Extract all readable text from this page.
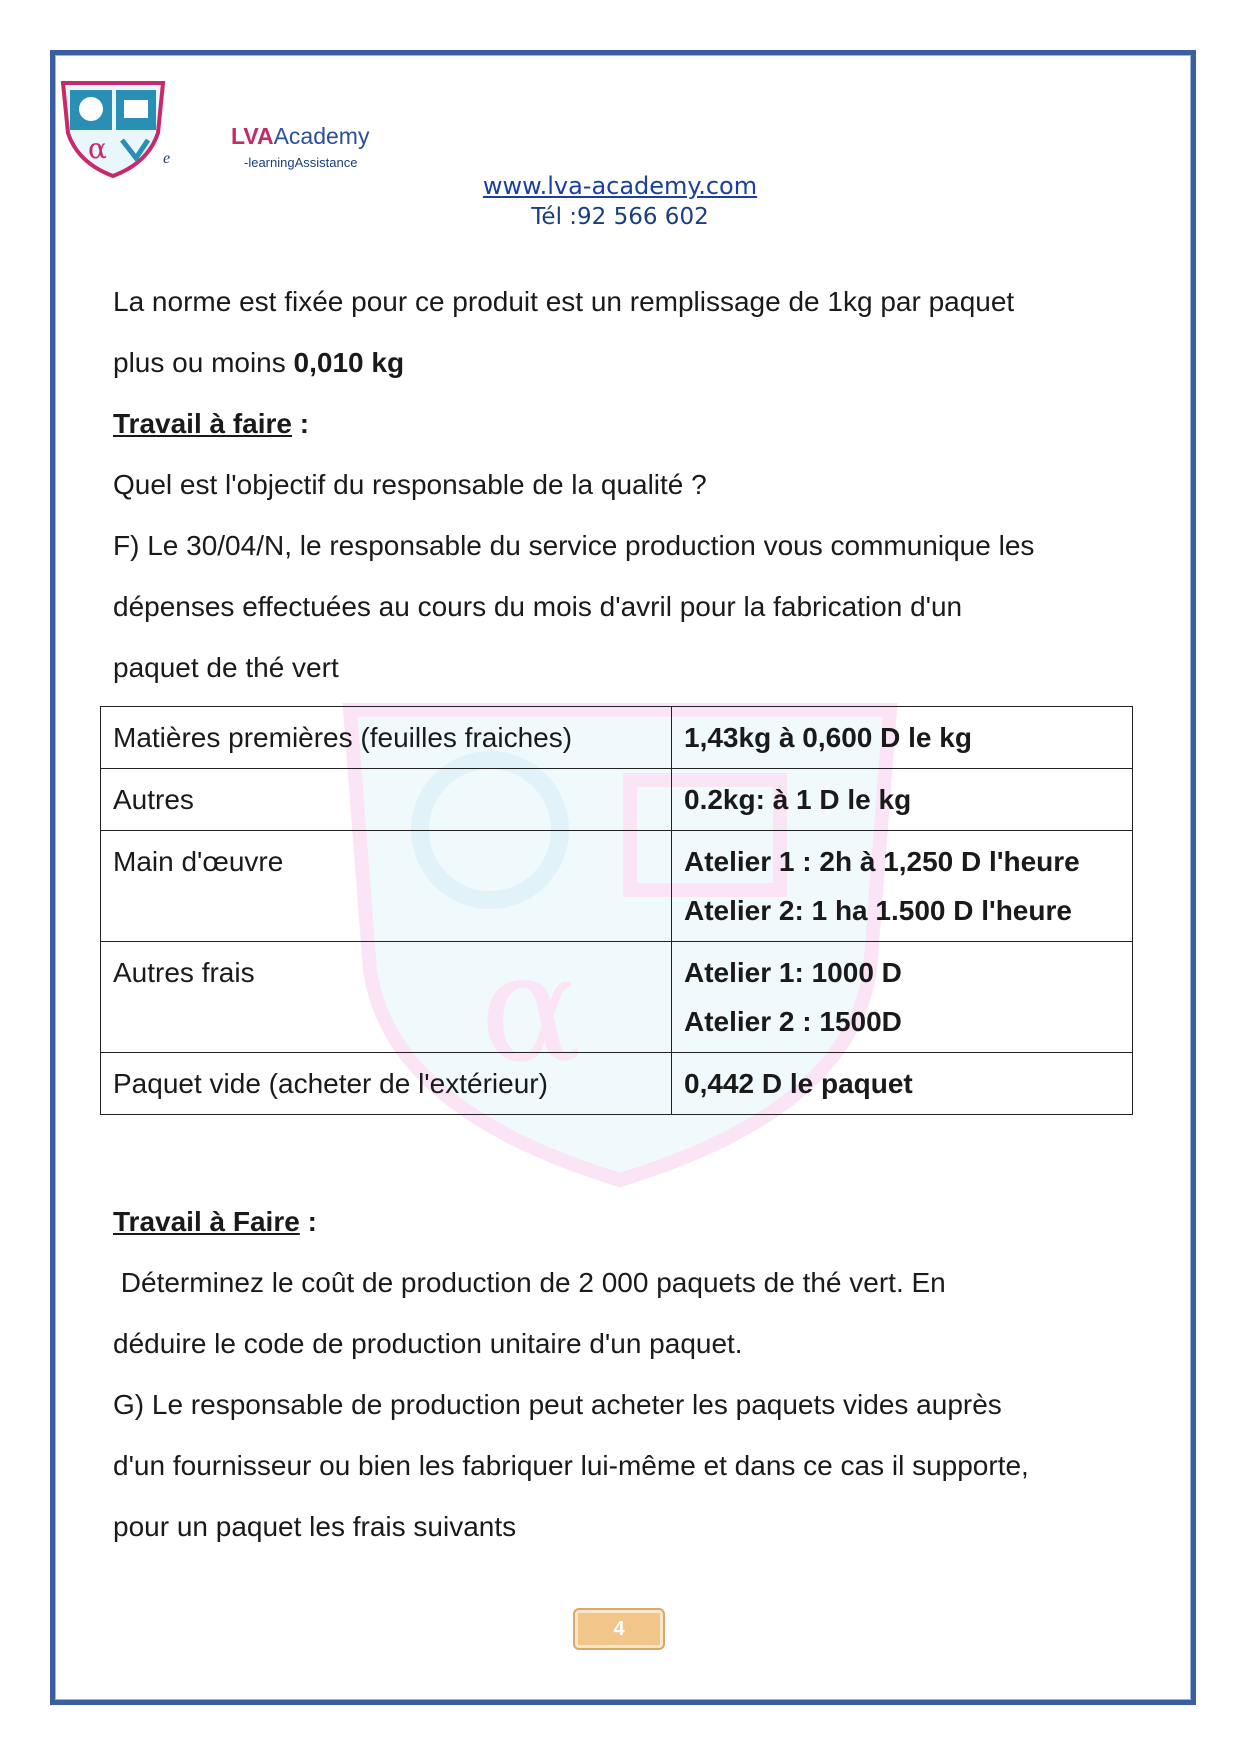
α
α	e
LVAAcademy
-learningAssistance
www.lva-academy.com
Tél :92 566 602
La norme est fixée pour ce produit est un remplissage de 1kg par paquet
plus ou moins 0,010 kg
Travail à faire :
Quel est l'objectif du responsable de la qualité ?
F) Le 30/04/N, le responsable du service production vous communique les
dépenses effectuées au cours du mois d'avril pour la fabrication d'un
paquet de thé vert
Matières premières (feuilles fraiches)	1,43kg à 0,600 D le kg

Autres	0.2kg: à 1 D le kg

Main d'œuvre	Atelier 1 : 2h à 1,250 D l'heure
Atelier 2: 1 ha 1.500 D l'heure

Autres frais	Atelier 1: 1000 D
Atelier 2 : 1500D

Paquet vide (acheter de l'extérieur)	0,442 D le paquet
Travail à Faire :
Déterminez le coût de production de 2 000 paquets de thé vert. En
déduire le code de production unitaire d'un paquet.
G) Le responsable de production peut acheter les paquets vides auprès
d'un fournisseur ou bien les fabriquer lui-même et dans ce cas il supporte,
pour un paquet les frais suivants
4
